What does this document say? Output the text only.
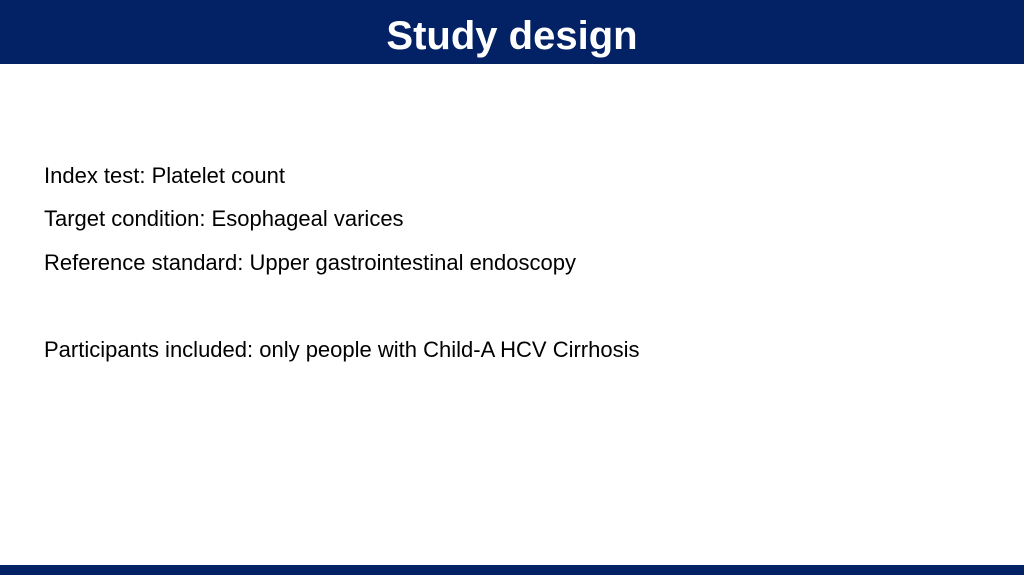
Study design
Index test: Platelet count
Target condition: Esophageal varices
Reference standard: Upper gastrointestinal endoscopy
Participants included: only people with Child-A HCV Cirrhosis
